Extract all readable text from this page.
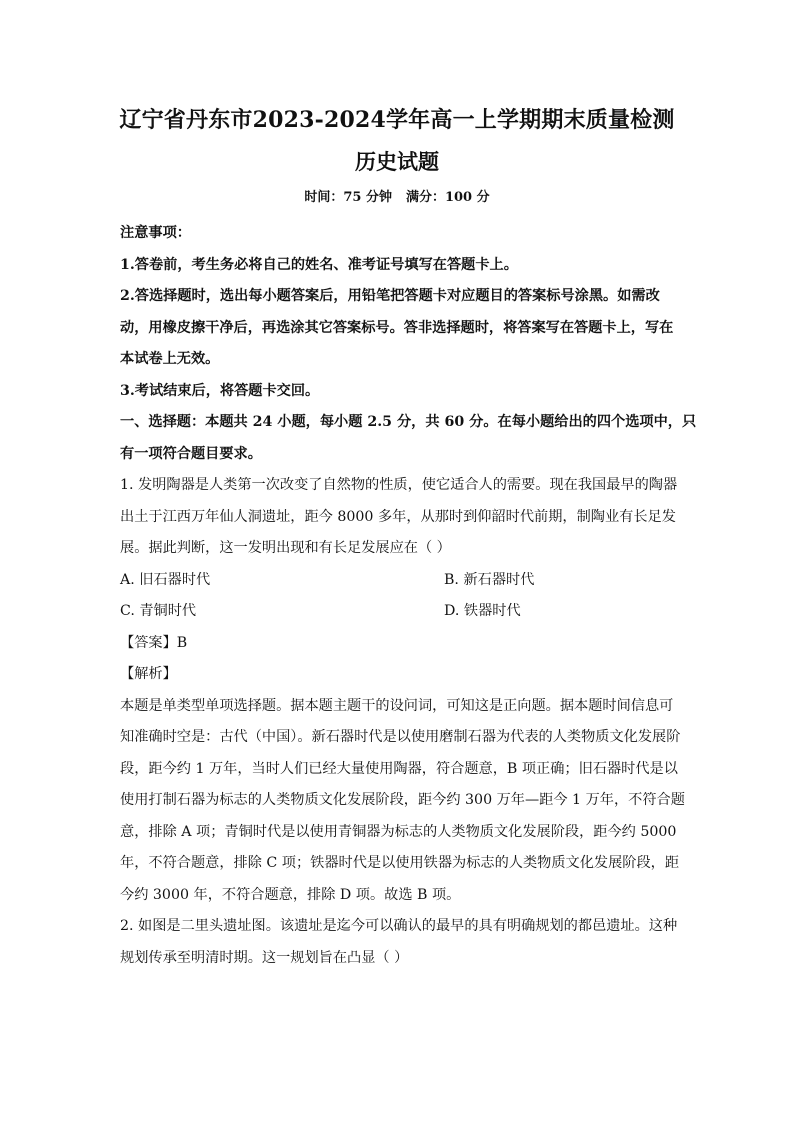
辽宁省丹东市2023-2024学年高一上学期期末质量检测
历史试题
时间：75 分钟 满分：100 分

注意事项：

1.答卷前，考生务必将自己的姓名、准考证号填写在答题卡上。

2.答选择题时，选出每小题答案后，用铅笔把答题卡对应题目的答案标号涂黑。如需改

动，用橡皮擦干净后，再选涂其它答案标号。答非选择题时，将答案写在答题卡上，写在

本试卷上无效。

3.考试结束后，将答题卡交回。

一、选择题：本题共 24 小题，每小题 2.5 分，共 60 分。在每小题给出的四个选项中，只

有一项符合题目要求。

1. 发明陶器是人类第一次改变了自然物的性质，使它适合人的需要。现在我国最早的陶器

出土于江西万年仙人洞遗址，距今 8000 多年，从那时到仰韶时代前期，制陶业有长足发

展。据此判断，这一发明出现和有长足发展应在（ ）

A. 旧石器时代	B. 新石器时代
C. 青铜时代	D. 铁器时代

【答案】B

【解析】

本题是单类型单项选择题。据本题主题干的设问词，可知这是正向题。据本题时间信息可

知准确时空是：古代（中国）。新石器时代是以使用磨制石器为代表的人类物质文化发展阶

段，距今约 1 万年，当时人们已经大量使用陶器，符合题意，B 项正确；旧石器时代是以

使用打制石器为标志的人类物质文化发展阶段，距今约 300 万年—距今 1 万年，不符合题

意，排除 A 项；青铜时代是以使用青铜器为标志的人类物质文化发展阶段，距今约 5000

年，不符合题意，排除 C 项；铁器时代是以使用铁器为标志的人类物质文化发展阶段，距

今约 3000 年，不符合题意，排除 D 项。故选 B 项。

2. 如图是二里头遗址图。该遗址是迄今可以确认的最早的具有明确规划的都邑遗址。这种

规划传承至明清时期。这一规划旨在凸显（ ）
